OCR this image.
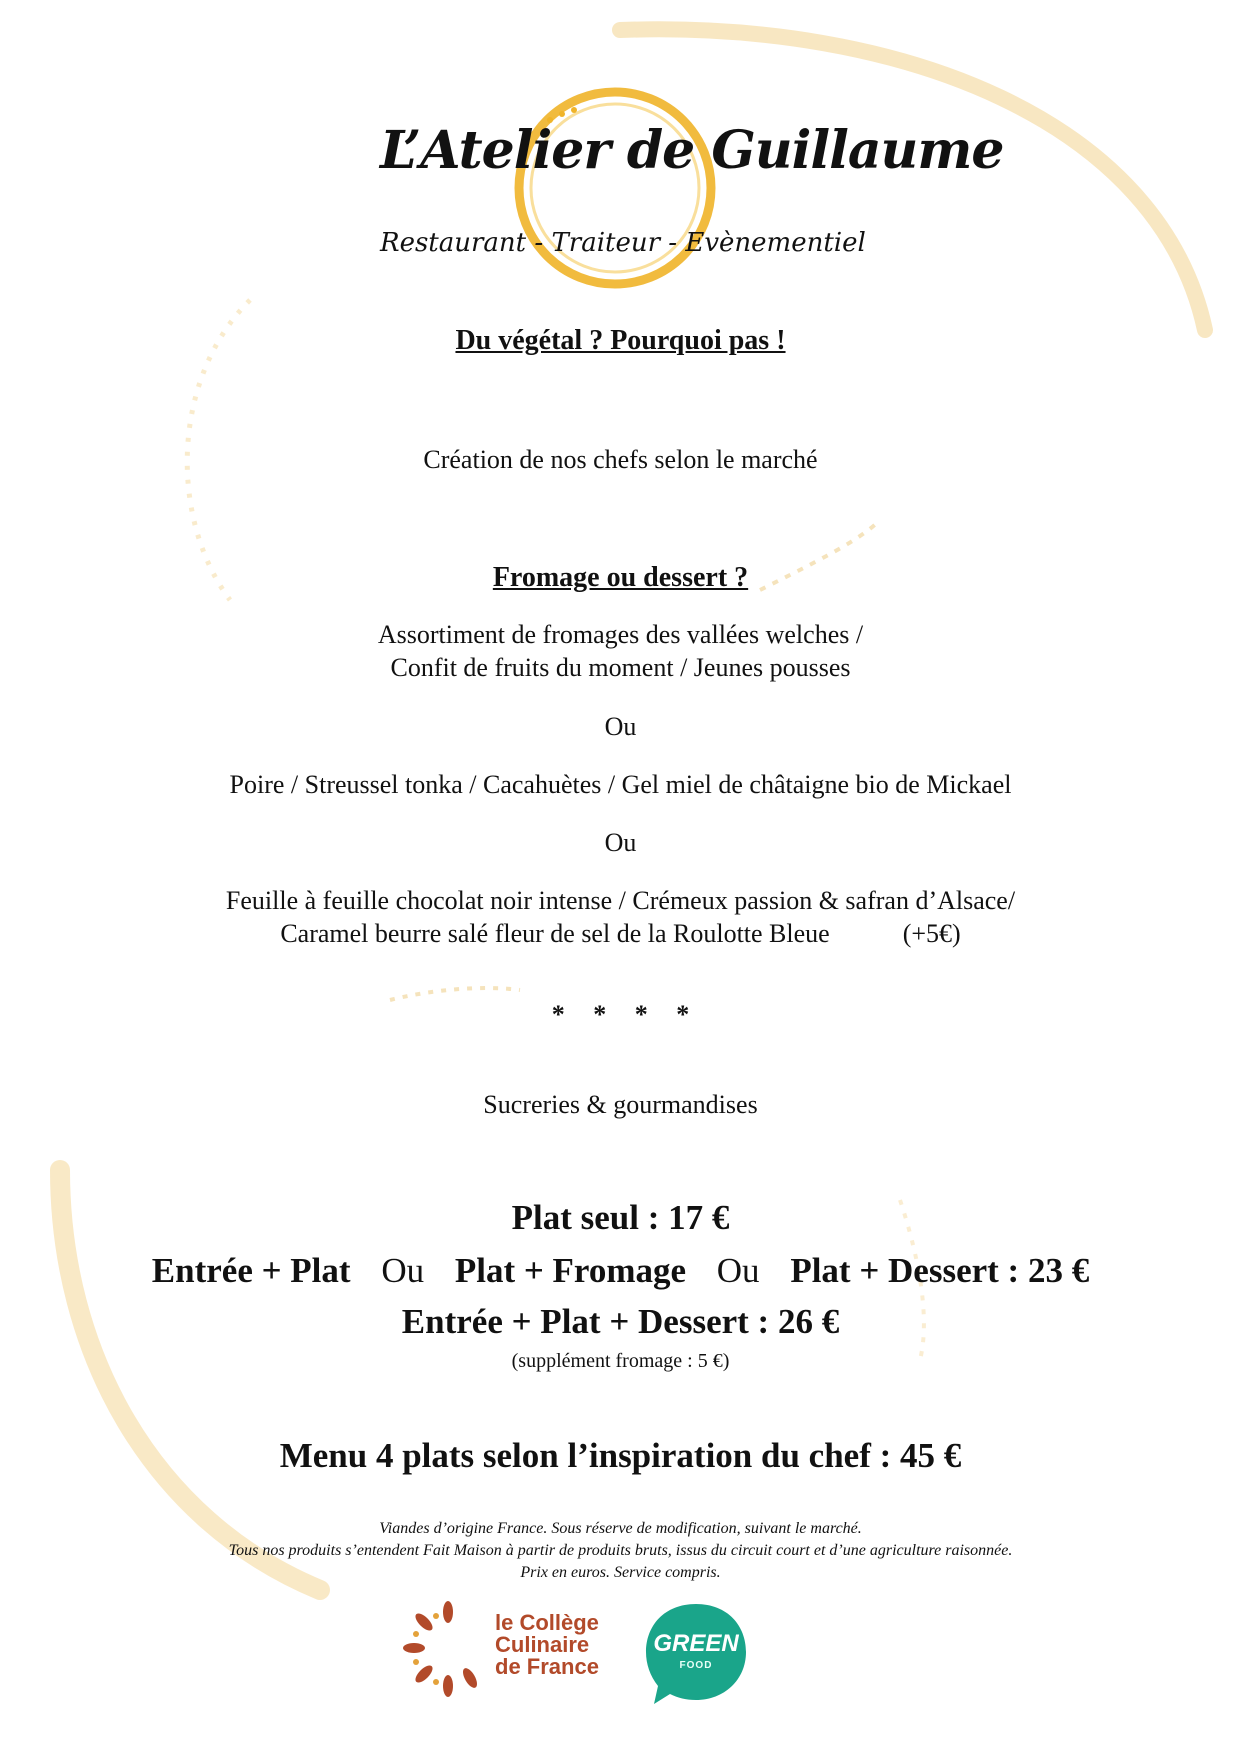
L’Atelier de Guillaume
Restaurant - Traiteur - Evènementiel
Du végétal ? Pourquoi pas !
Création de nos chefs selon le marché
Fromage ou dessert ?
Assortiment de fromages des vallées welches /
Confit de fruits du moment / Jeunes pousses
Ou
Poire / Streussel tonka / Cacahuètes / Gel miel de châtaigne bio de Mickael
Ou
Feuille à feuille chocolat noir intense / Crémeux passion & safran d’Alsace/
Caramel beurre salé fleur de sel de la Roulotte Bleue	(+5€)
* * * *
Sucreries & gourmandises
Plat seul : 17 €
Entrée + Plat Ou Plat + Fromage Ou Plat + Dessert : 23 €
Entrée + Plat + Dessert : 26 €
(supplément fromage : 5 €)
Menu 4 plats selon l’inspiration du chef : 45 €
Viandes d’origine France. Sous réserve de modification, suivant le marché.
Tous nos produits s’entendent Fait Maison à partir de produits bruts, issus du circuit court et d’une agriculture raisonnée.
Prix en euros. Service compris.
le Collège
Culinaire
de France
GREEN
FOOD
